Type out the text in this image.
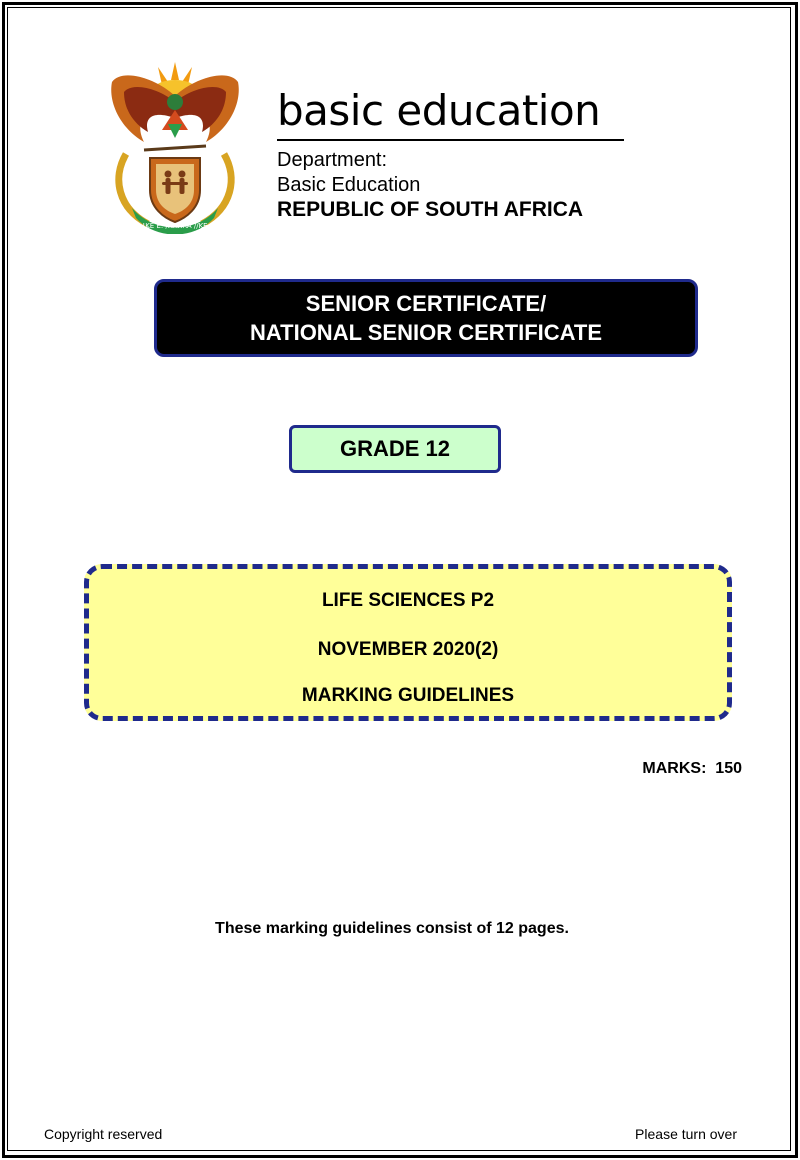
!KE E: /XARRA //KE
basic education
Department:
Basic Education
REPUBLIC OF SOUTH AFRICA
SENIOR CERTIFICATE/
NATIONAL SENIOR CERTIFICATE
GRADE 12
LIFE SCIENCES P2
NOVEMBER 2020(2)
MARKING GUIDELINES
MARKS:  150
These marking guidelines consist of 12 pages.
Copyright reserved	Please turn over
